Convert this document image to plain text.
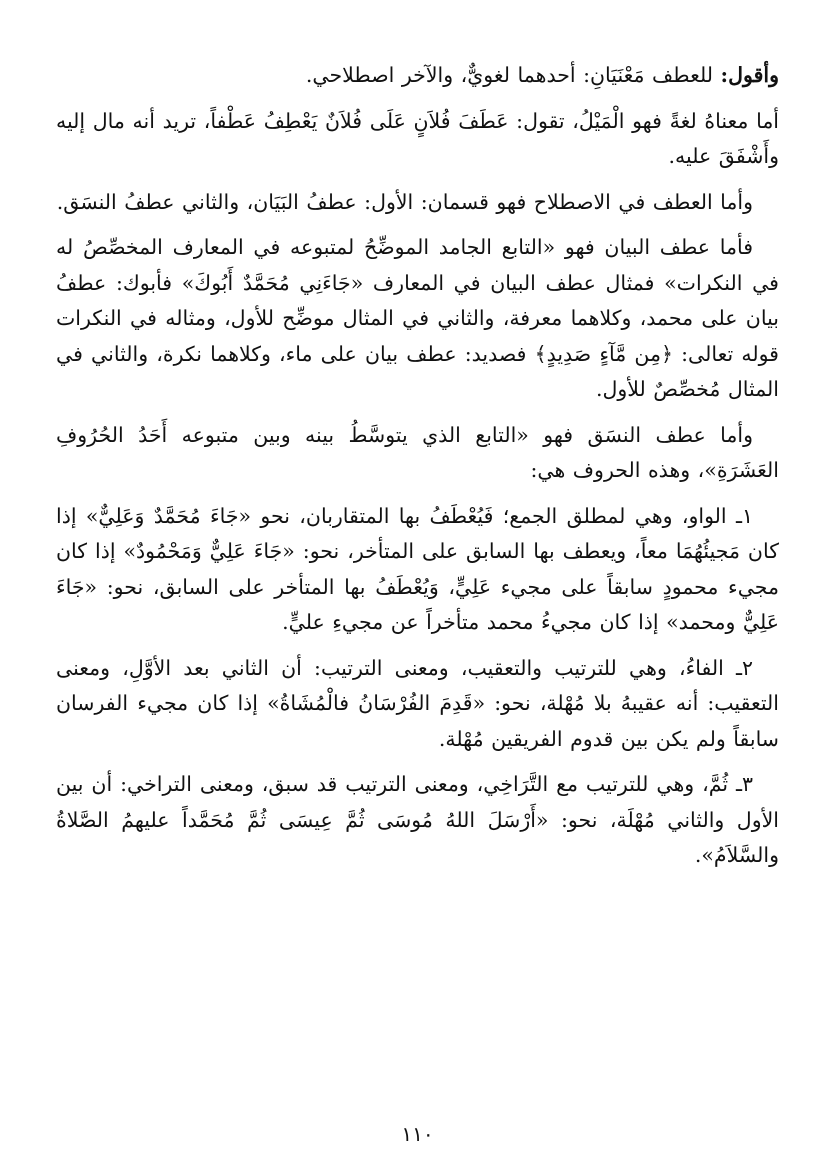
وأقول: للعطف مَعْنَيَانِ: أحدهما لغويٌّ، والآخر اصطلاحي.

أما معناهُ لغةً فهو الْمَيْلُ، تقول: عَطَفَ فُلاَنٍ عَلَى فُلاَنٌ يَعْطِفُ عَطْفاً، تريد أنه مال إليه وأَشْفَقَ عليه.

وأما العطف في الاصطلاح فهو قسمان: الأول: عطفُ البَيَان، والثاني عطفُ النسَق.

فأما عطف البيان فهو «التابع الجامد الموضِّحُ لمتبوعه في المعارف المخصِّصُ له في النكرات» فمثال عطف البيان في المعارف «جَاءَنِي مُحَمَّدٌ أَبُوكَ» فأبوك: عطفُ بيان على محمد، وكلاهما معرفة، والثاني في المثال موضِّح للأول، ومثاله في النكرات قوله تعالى: ﴿مِن مَّآءٍ صَدِيدٍ﴾ فصديد: عطف بيان على ماء، وكلاهما نكرة، والثاني في المثال مُخصِّصٌ للأول.

وأما عطف النسَق فهو «التابع الذي يتوسَّطُ بينه وبين متبوعه أَحَدُ الحُرُوفِ العَشَرَةِ»، وهذه الحروف هي:

١ـ الواو، وهي لمطلق الجمع؛ فَيُعْطَفُ بها المتقاربان، نحو «جَاءَ مُحَمَّدٌ وَعَلِيٌّ» إذا كان مَجيئُهُمَا معاً، ويعطف بها السابق على المتأخر، نحو: «جَاءَ عَلِيٌّ وَمَحْمُودٌ» إذا كان مجيء محمودٍ سابقاً على مجيء عَلِيٍّ، وَيُعْطَفُ بها المتأخر على السابق، نحو: «جَاءَ عَلِيٌّ ومحمد» إذا كان مجيءُ محمد متأخراً عن مجيءِ عليٍّ.

٢ـ الفاءُ، وهي للترتيب والتعقيب، ومعنى الترتيب: أن الثاني بعد الأوَّلِ، ومعنى التعقيب: أنه عقيبهُ بلا مُهْلة، نحو: «قَدِمَ الفُرْسَانُ فالْمُشَاةُ» إذا كان مجيء الفرسان سابقاً ولم يكن بين قدوم الفريقين مُهْلة.

٣ـ ثُمَّ، وهي للترتيب مع التَّرَاخِي، ومعنى الترتيب قد سبق، ومعنى التراخي: أن بين الأول والثاني مُهْلَة، نحو: «أَرْسَلَ اللهُ مُوسَى ثُمَّ عِيسَى ثُمَّ مُحَمَّداً عليهمُ الصَّلاةُ والسَّلاَمُ».

١١٠
